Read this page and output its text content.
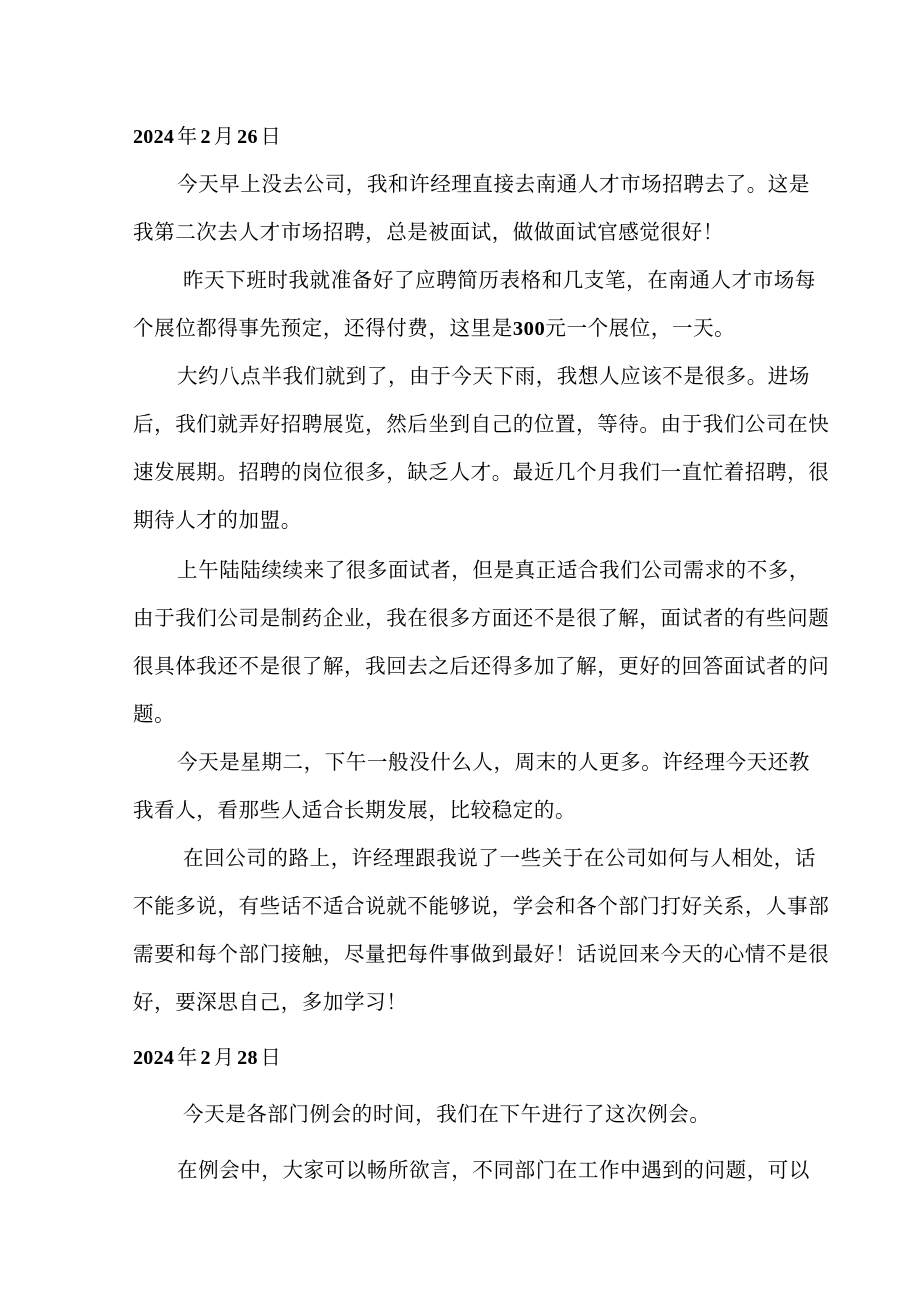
2024 年 2 月 26 日

今天早上没去公司，我和许经理直接去南通人才市场招聘去了。这是
我第二次去人才市场招聘，总是被面试，做做面试官感觉很好！

昨天下班时我就准备好了应聘简历表格和几支笔，在南通人才市场每
个展位都得事先预定，还得付费，这里是300元一个展位，一天。

大约八点半我们就到了，由于今天下雨，我想人应该不是很多。进场
后，我们就弄好招聘展览，然后坐到自己的位置，等待。由于我们公司在快
速发展期。招聘的岗位很多，缺乏人才。最近几个月我们一直忙着招聘，很
期待人才的加盟。

上午陆陆续续来了很多面试者，但是真正适合我们公司需求的不多，
由于我们公司是制药企业，我在很多方面还不是很了解，面试者的有些问题
很具体我还不是很了解，我回去之后还得多加了解，更好的回答面试者的问
题。

今天是星期二，下午一般没什么人，周末的人更多。许经理今天还教
我看人，看那些人适合长期发展，比较稳定的。

在回公司的路上，许经理跟我说了一些关于在公司如何与人相处，话
不能多说，有些话不适合说就不能够说，学会和各个部门打好关系，人事部
需要和每个部门接触，尽量把每件事做到最好！话说回来今天的心情不是很
好，要深思自己，多加学习！

2024 年 2 月 28 日

今天是各部门例会的时间，我们在下午进行了这次例会。

在例会中，大家可以畅所欲言，不同部门在工作中遇到的问题，可以
